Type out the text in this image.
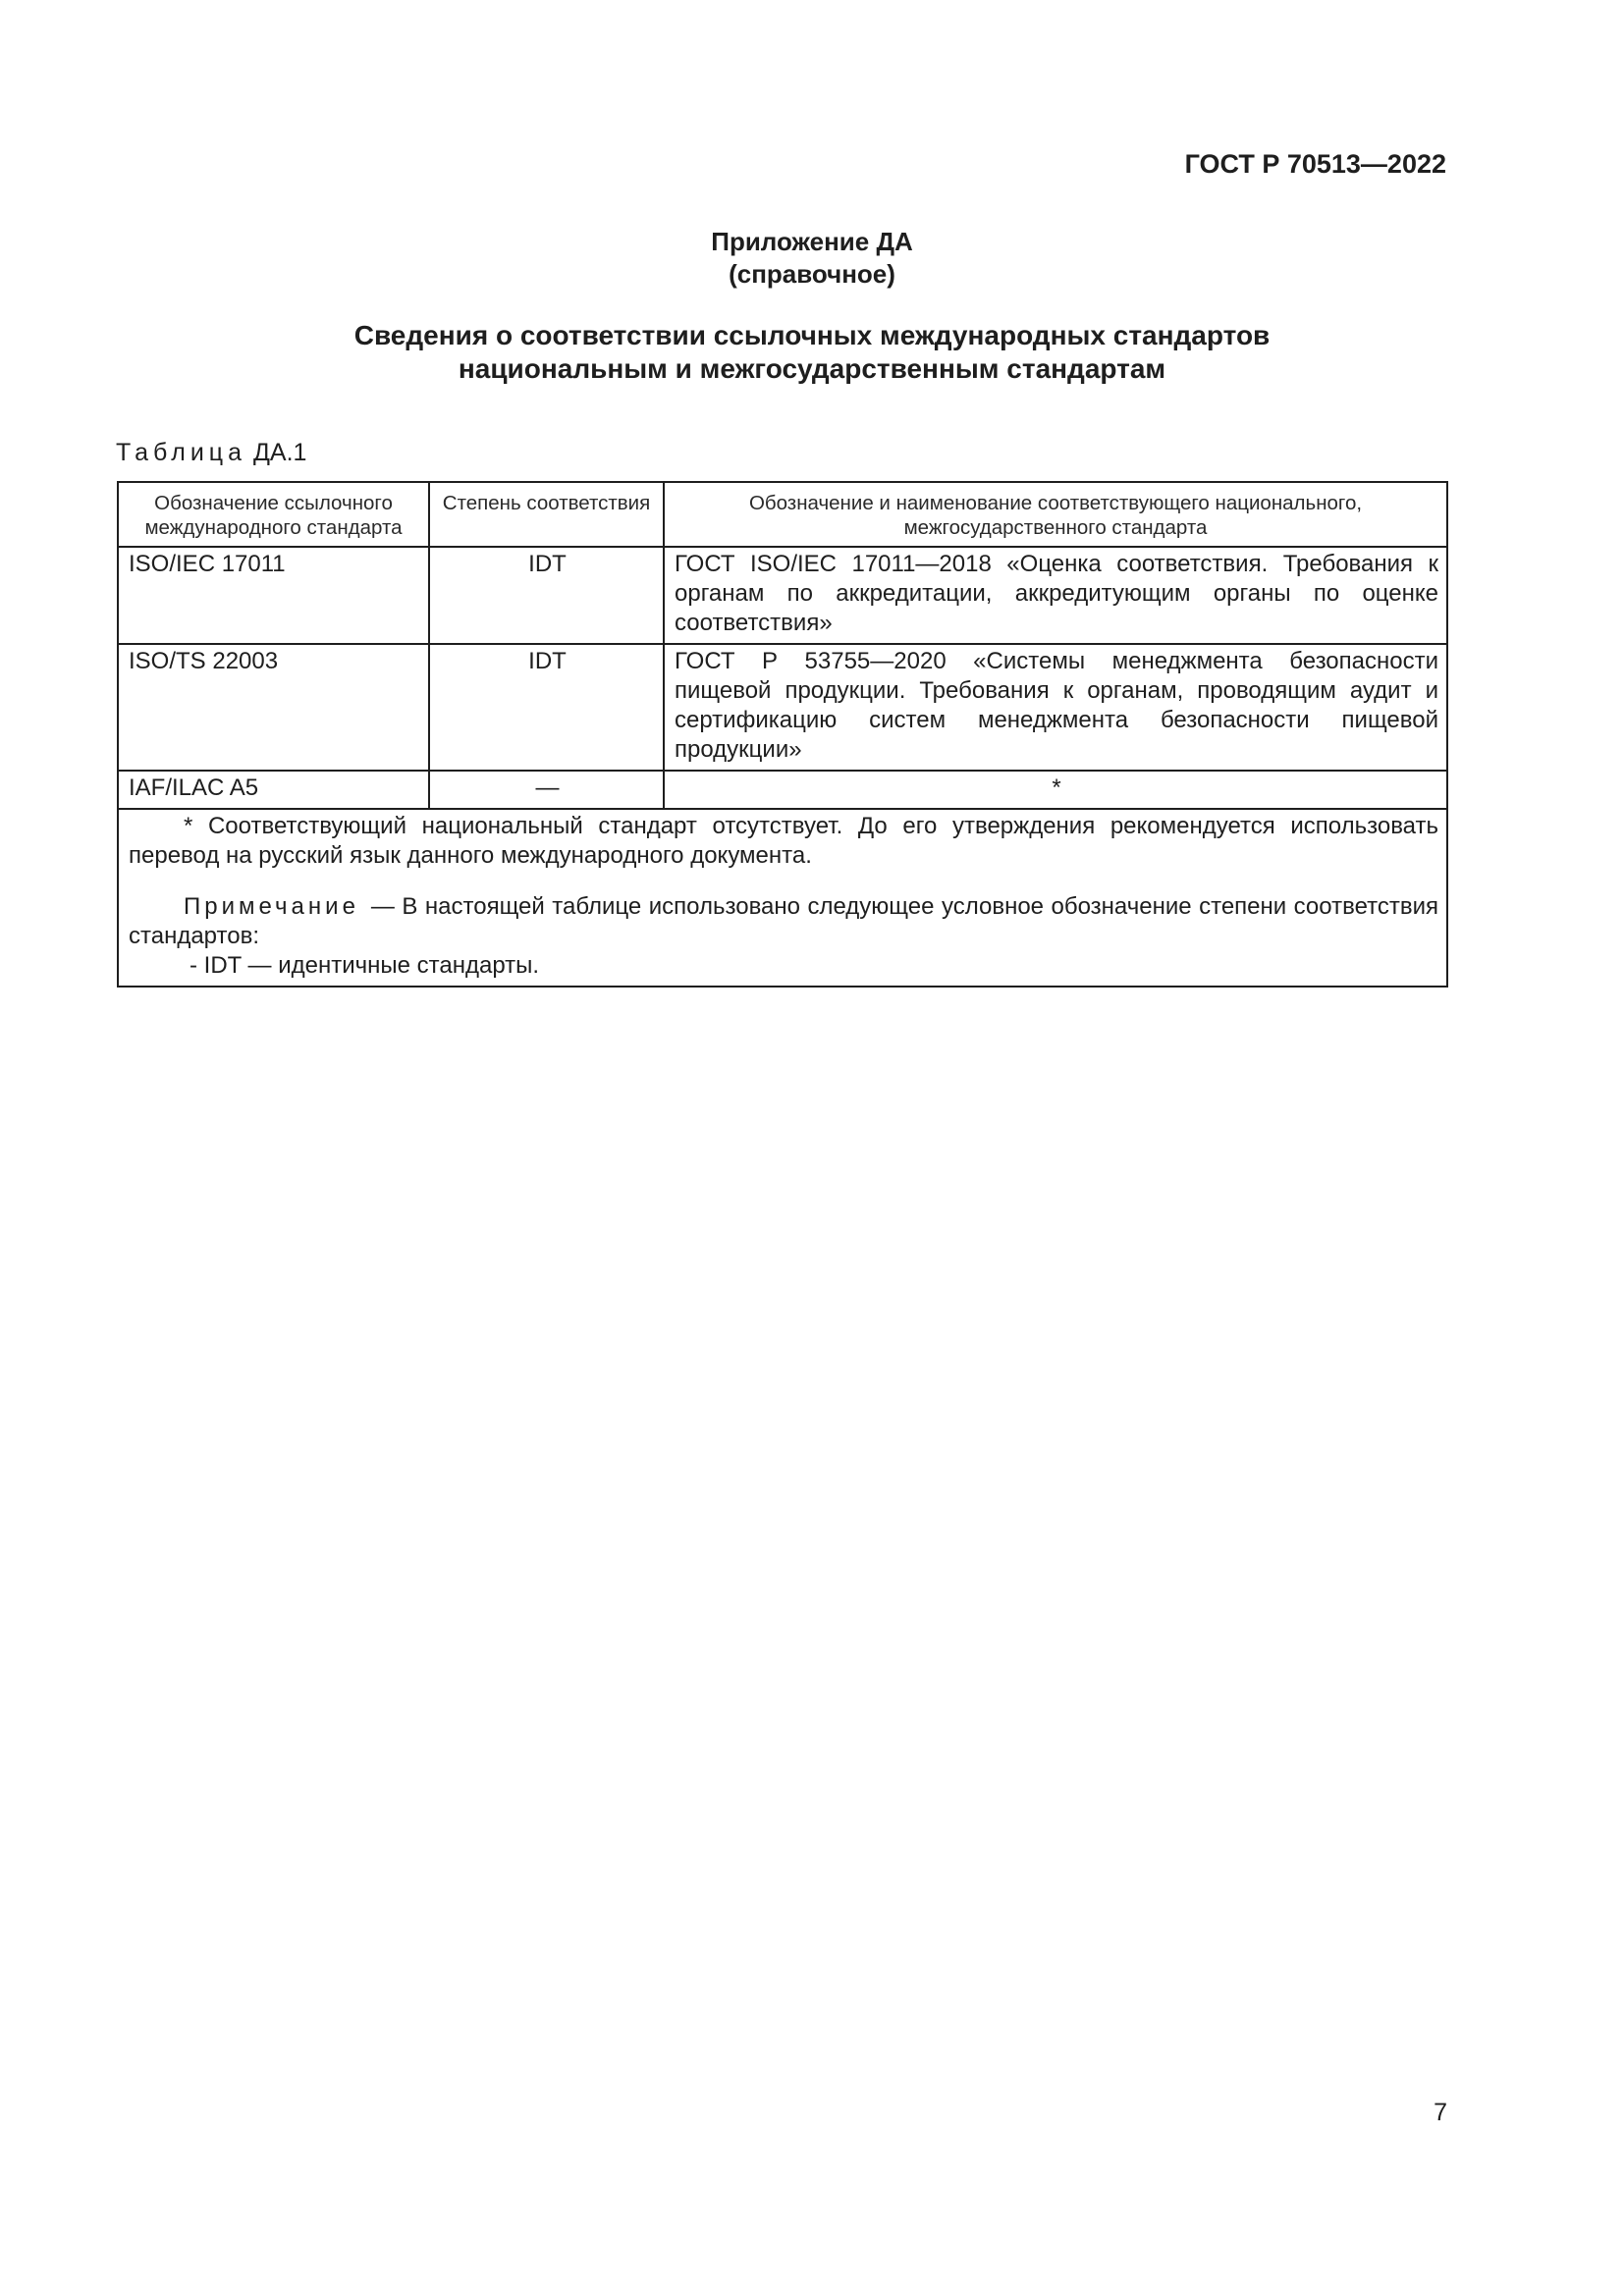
ГОСТ Р 70513—2022
Приложение ДА
(справочное)
Сведения о соответствии ссылочных международных стандартов
национальным и межгосударственным стандартам
Таблица ДА.1
Обозначение ссылочного международного стандарта	Степень соответствия	Обозначение и наименование соответствующего национального, межгосударственного стандарта
ISO/IEC 17011	IDT	ГОСТ ISO/IEC 17011—2018 «Оценка соответствия. Требования к органам по аккредитации, аккредитующим органы по оценке соответствия»
ISO/TS 22003	IDT	ГОСТ Р 53755—2020 «Системы менеджмента безопасности пищевой продукции. Требования к органам, проводящим аудит и сертификацию систем менеджмента безопасности пищевой продукции»
IAF/ILAC A5	—	*

* Соответствующий национальный стандарт отсутствует. До его утверждения рекомендуется использовать перевод на русский язык данного международного документа.

Примечание — В настоящей таблице использовано следующее условное обозначение степени соответствия стандартов:

- IDT — идентичные стандарты.		

7
